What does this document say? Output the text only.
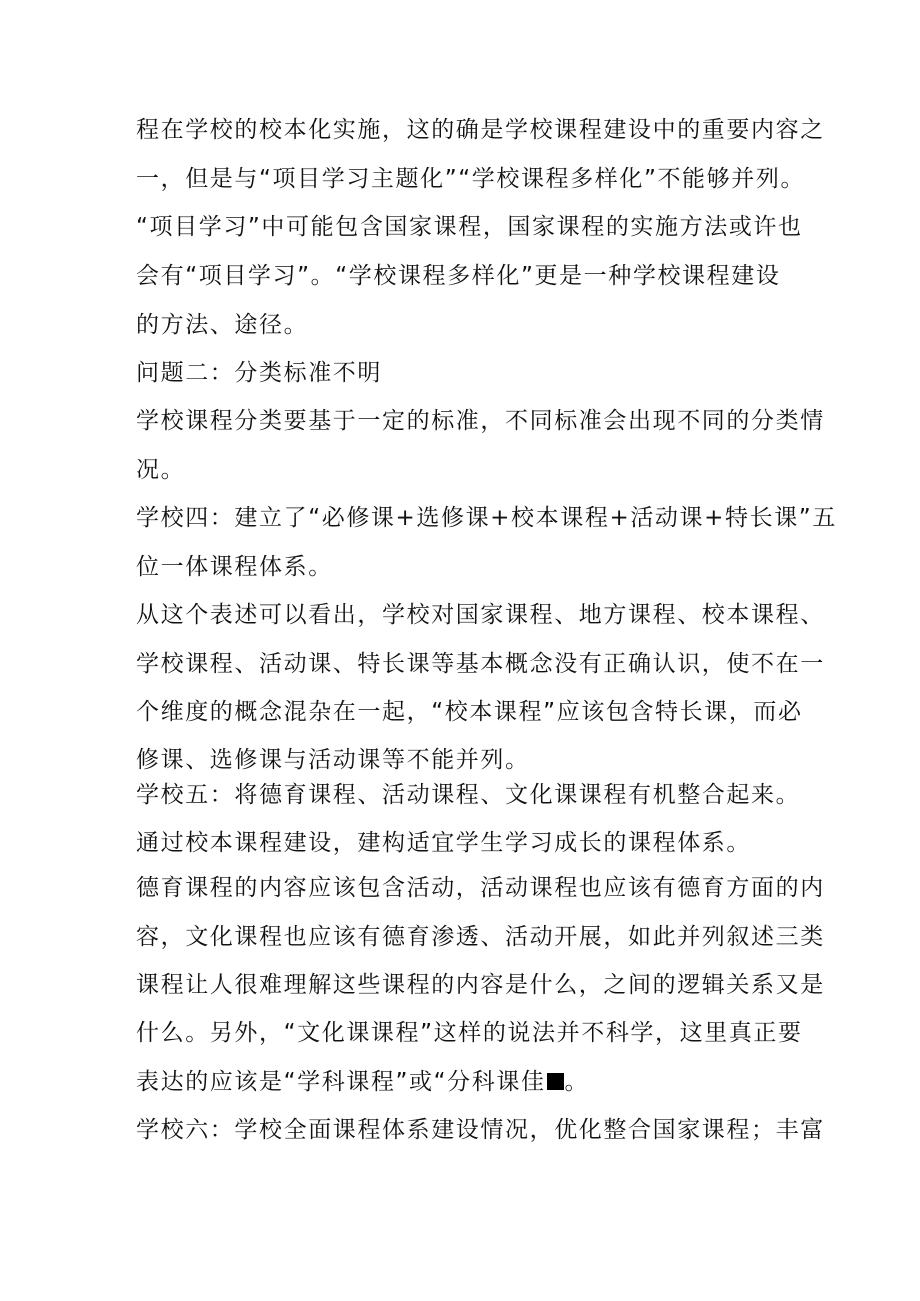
程在学校的校本化实施，这的确是学校课程建设中的重要内容之
一，但是与“项目学习主题化”“学校课程多样化”不能够并列。
“项目学习”中可能包含国家课程，国家课程的实施方法或许也
会有“项目学习”。“学校课程多样化”更是一种学校课程建设
的方法、途径。
问题二：分类标准不明
学校课程分类要基于一定的标准，不同标准会出现不同的分类情
况。
学校四：建立了“必修课+选修课+校本课程+活动课+特长课”五
位一体课程体系。
从这个表述可以看出，学校对国家课程、地方课程、校本课程、
学校课程、活动课、特长课等基本概念没有正确认识，使不在一
个维度的概念混杂在一起，“校本课程”应该包含特长课，而必
修课、选修课与活动课等不能并列。
学校五：将德育课程、活动课程、文化课课程有机整合起来。
通过校本课程建设，建构适宜学生学习成长的课程体系。
德育课程的内容应该包含活动，活动课程也应该有德育方面的内
容，文化课程也应该有德育渗透、活动开展，如此并列叙述三类
课程让人很难理解这些课程的内容是什么，之间的逻辑关系又是
什么。另外，“文化课课程”这样的说法并不科学，这里真正要
表达的应该是“学科课程”或“分科课佳 。
学校六：学校全面课程体系建设情况，优化整合国家课程；丰富
